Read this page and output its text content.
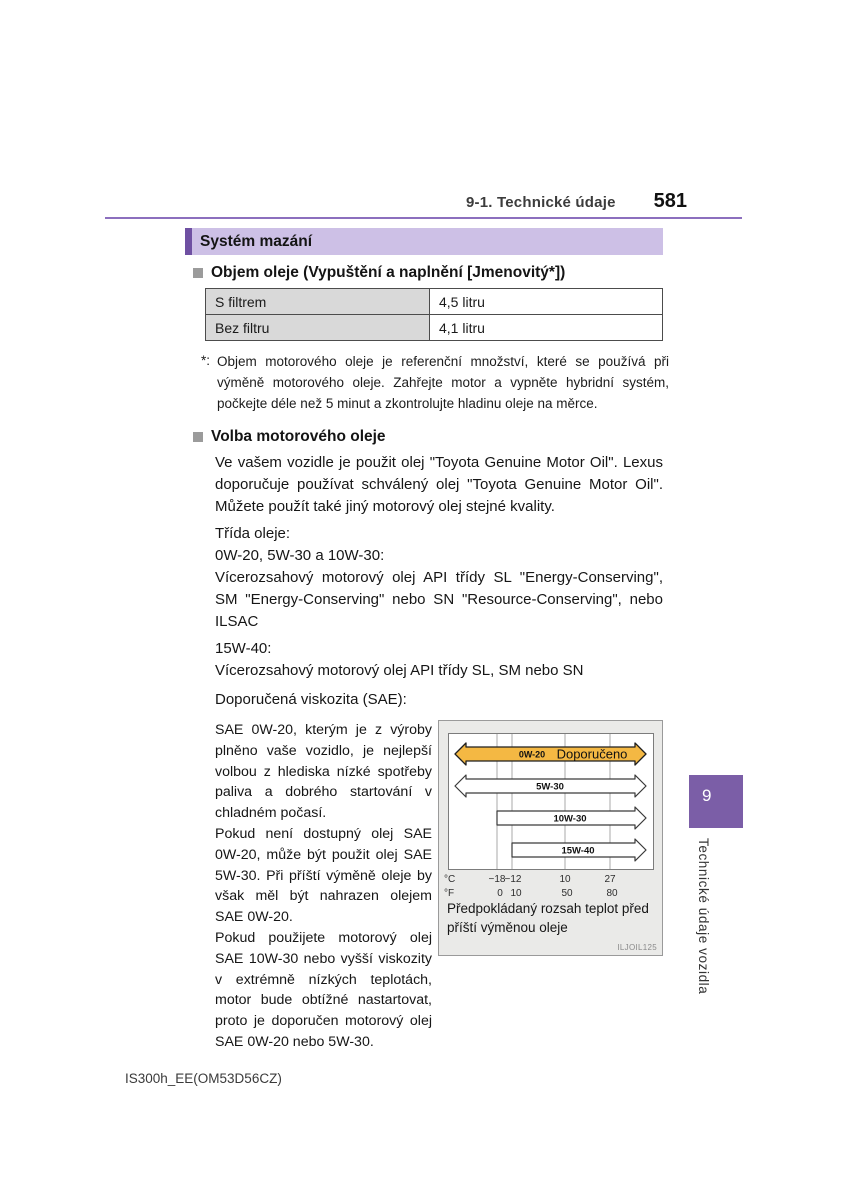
9-1. Technické údaje 581
Systém mazání
Objem oleje (Vypuštění a naplnění [Jmenovitý*])
S filtrem	4,5 litru
Bez filtru	4,1 litru
*: Objem motorového oleje je referenční množství, které se používá při výměně motorového oleje. Zahřejte motor a vypněte hybridní systém, počkejte déle než 5 minut a zkontrolujte hladinu oleje na měrce.
Volba motorového oleje

Ve vašem vozidle je použit olej "Toyota Genuine Motor Oil". Lexus doporučuje používat schválený olej "Toyota Genuine Motor Oil". Můžete použít také jiný motorový olej stejné kvality.

Třída oleje:

0W-20, 5W-30 a 10W-30:

Vícerozsahový motorový olej API třídy SL "Energy-Conserving", SM "Energy-Conserving" nebo SN "Resource-Conserving", nebo ILSAC

15W-40:

Vícerozsahový motorový olej API třídy SL, SM nebo SN

Doporučená viskozita (SAE):

SAE 0W-20, kterým je z výroby plněno vaše vozidlo, je nejlepší volbou z hlediska nízké spotřeby paliva a dobrého startování v chladném počasí.

Pokud není dostupný olej SAE 0W-20, může být použit olej SAE 5W-30. Při příští výměně oleje by však měl být nahrazen olejem SAE 0W-20.

Pokud použijete motorový olej SAE 10W-30 nebo vyšší viskozity v extrémně nízkých teplotách, motor bude obtížné nastartovat, proto je doporučen motorový olej SAE 0W-20 nebo 5W-30.

0W-20 Doporučeno
5W-30
10W-30
15W-40
°C	−18 −12	10	27
°F	0 10	50	80
Předpokládaný rozsah teplot před příští výměnou oleje
ILJOIL125
IS300h_EE(OM53D56CZ)
9
Technické údaje vozidla
